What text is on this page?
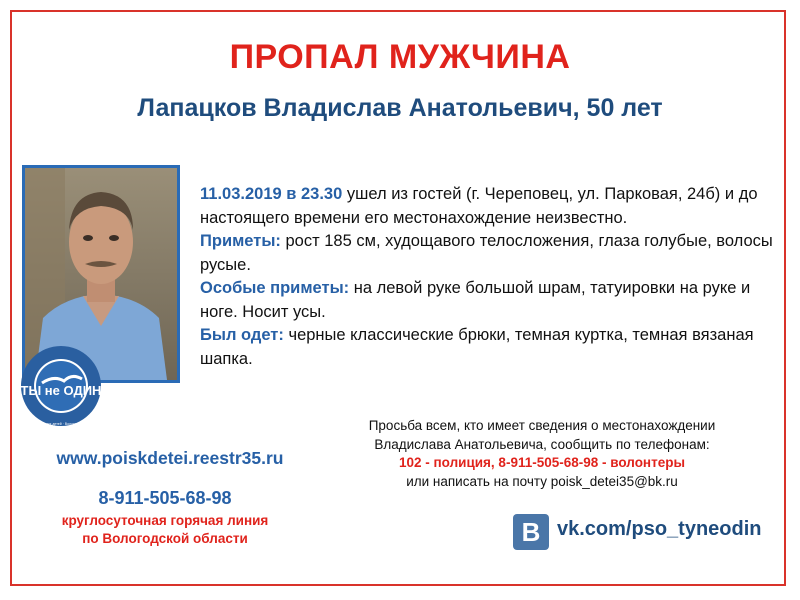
ПРОПАЛ МУЖЧИНА
Лапацков Владислав Анатольевич, 50 лет
ТЫ не ОДИН
Поиск пропавших детей · Вологодская область

11.03.2019 в 23.30 ушел из гостей (г. Череповец, ул. Парковая, 24б) и до настоящего времени его местонахождение неизвестно.

Приметы: рост 185 см, худощавого телосложения, глаза голубые, волосы русые.

Особые приметы: на левой руке большой шрам, татуировки на руке и ноге. Носит усы.

Был одет: черные классические брюки, темная куртка, темная вязаная шапка.

Просьба всем, кто имеет сведения о местонахождении
Владислава Анатольевича, сообщить по телефонам:
102 - полиция, 8-911-505-68-98 - волонтеры
или написать на почту poisk_detei35@bk.ru
www.poiskdetei.reestr35.ru
8-911-505-68-98
круглосуточная горячая линия
по Вологодской области	В vk.com/pso_tyneodin
